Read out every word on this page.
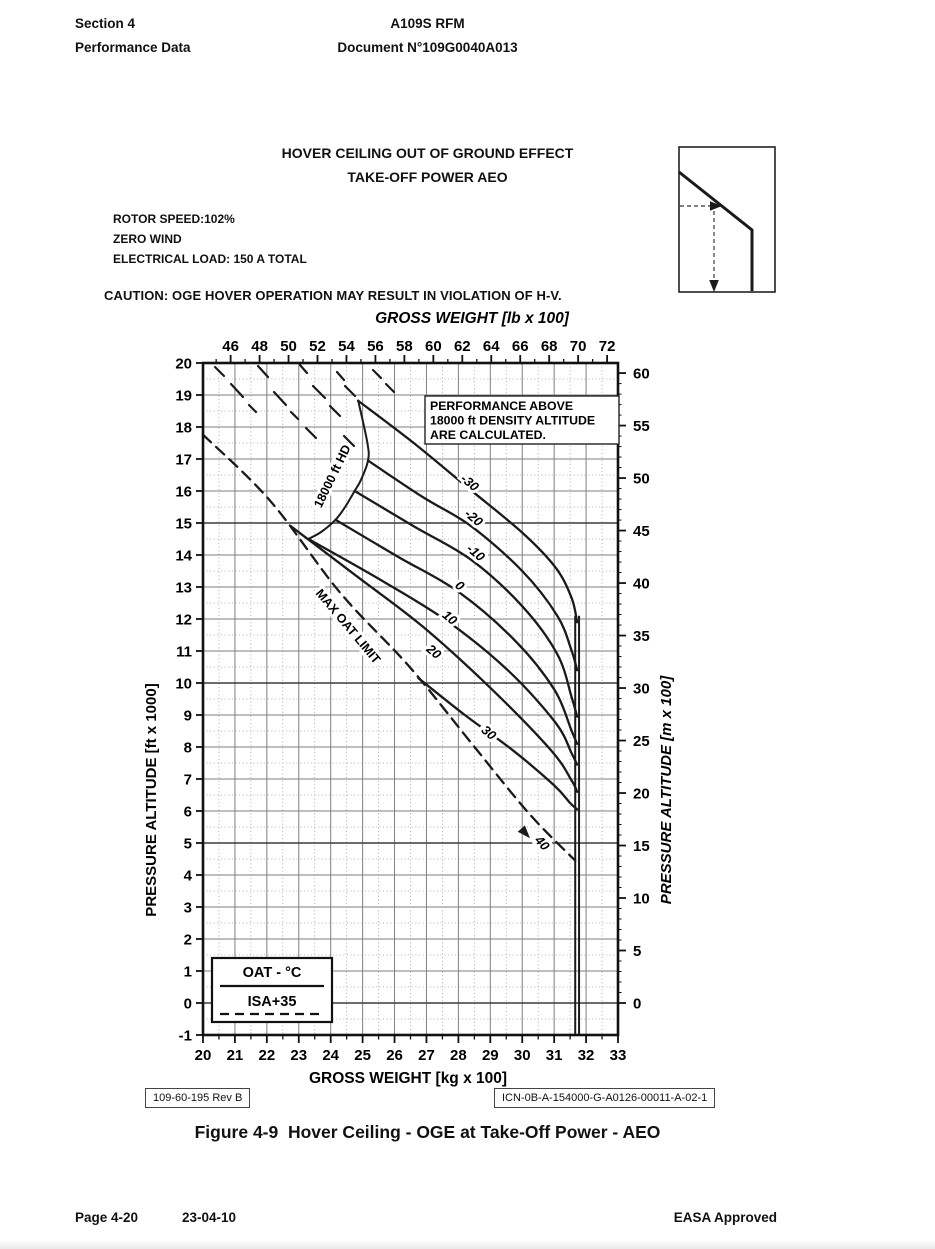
Section 4
Performance Data
A109S RFM
Document N°109G0040A013
HOVER CEILING OUT OF GROUND EFFECT
TAKE-OFF POWER AEO
ROTOR SPEED:102%
ZERO WIND
ELECTRICAL LOAD: 150 A TOTAL
CAUTION: OGE HOVER OPERATION MAY RESULT IN VIOLATION OF H-V.
46 48 50 52 54 56 58 60 62 64 66 68 70 72
20 21 22 23 24 25 26 27 28 29 30 31 32 33
20
19
18
17
16
15
14
13
12
11
10
9
8
7
6
5
4
3
2
1
0
-1
60
55
50
45
40
35
30
25
20
15
10
5
0
PERFORMANCE ABOVE
18000 ft DENSITY ALTITUDE
ARE CALCULATED.
OAT - °C
ISA+35
-30
-20
-10
0
10
20
30
40
MAX OAT LIMIT
18000 ft HD
GROSS WEIGHT [lb x 100]
GROSS WEIGHT [kg x 100]
PRESSURE ALTITUDE [ft x 1000]	PRESSURE ALTITUDE [m x 100]
109-60-195 Rev B	ICN-0B-A-154000-G-A0126-00011-A-02-1
Figure 4-9  Hover Ceiling - OGE at Take-Off Power - AEO
Page 4-20	23-04-10	EASA Approved
